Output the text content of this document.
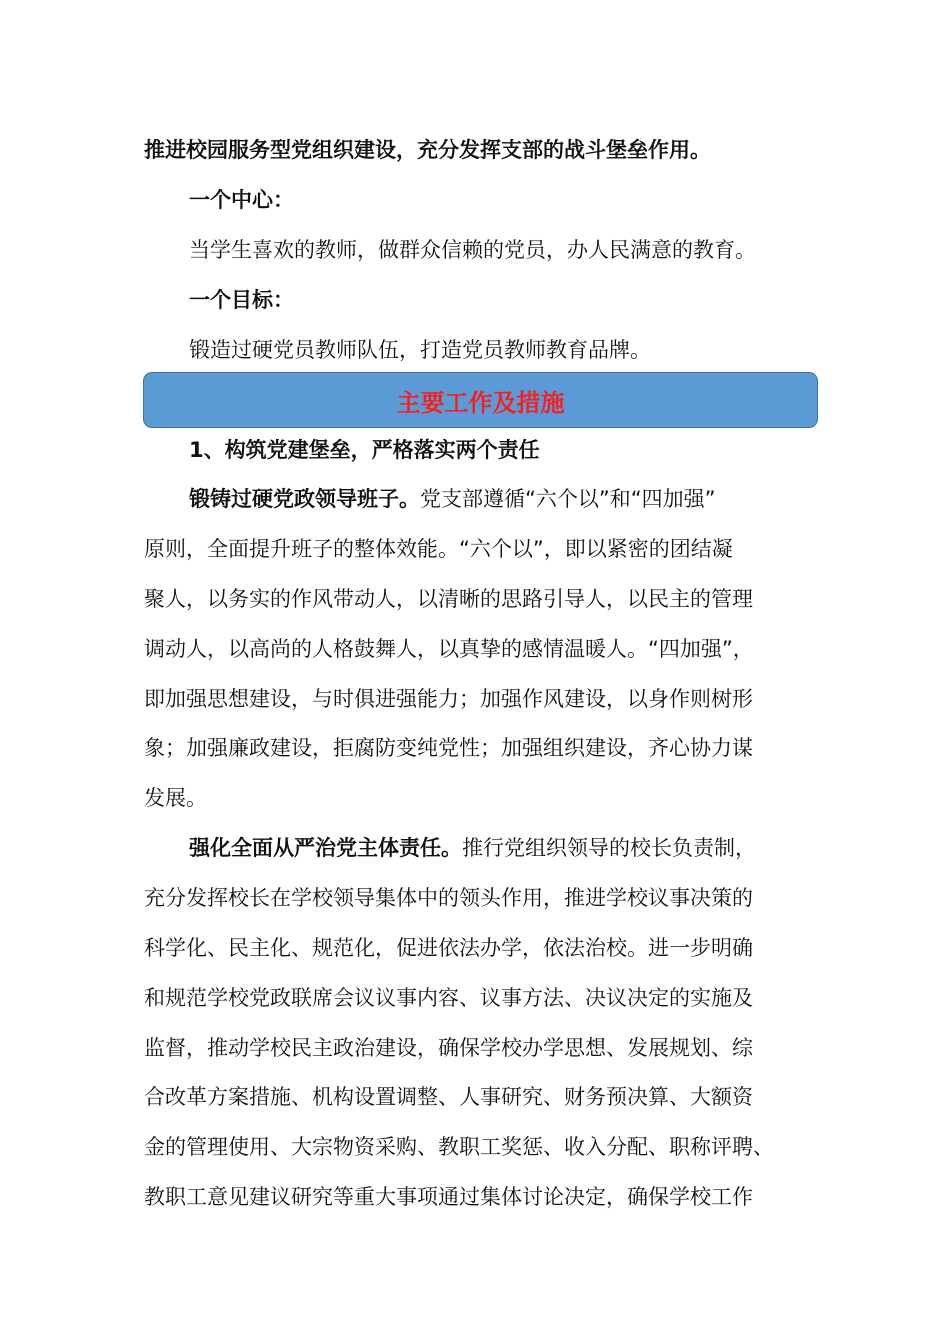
推进校园服务型党组织建设，充分发挥支部的战斗堡垒作用。
一个中心：
当学生喜欢的教师，做群众信赖的党员，办人民满意的教育。
一个目标：
锻造过硬党员教师队伍，打造党员教师教育品牌。
主要工作及措施
1、构筑党建堡垒，严格落实两个责任
锻铸过硬党政领导班子。党支部遵循“六个以”和“四加强”
原则，全面提升班子的整体效能。“六个以”，即以紧密的团结凝
聚人，以务实的作风带动人，以清晰的思路引导人，以民主的管理
调动人，以高尚的人格鼓舞人，以真挚的感情温暖人。“四加强”，
即加强思想建设，与时俱进强能力；加强作风建设，以身作则树形
象；加强廉政建设，拒腐防变纯党性；加强组织建设，齐心协力谋
发展。
强化全面从严治党主体责任。推行党组织领导的校长负责制，
充分发挥校长在学校领导集体中的领头作用，推进学校议事决策的
科学化、民主化、规范化，促进依法办学，依法治校。进一步明确
和规范学校党政联席会议议事内容、议事方法、决议决定的实施及
监督，推动学校民主政治建设，确保学校办学思想、发展规划、综
合改革方案措施、机构设置调整、人事研究、财务预决算、大额资
金的管理使用、大宗物资采购、教职工奖惩、收入分配、职称评聘、
教职工意见建议研究等重大事项通过集体讨论决定，确保学校工作
